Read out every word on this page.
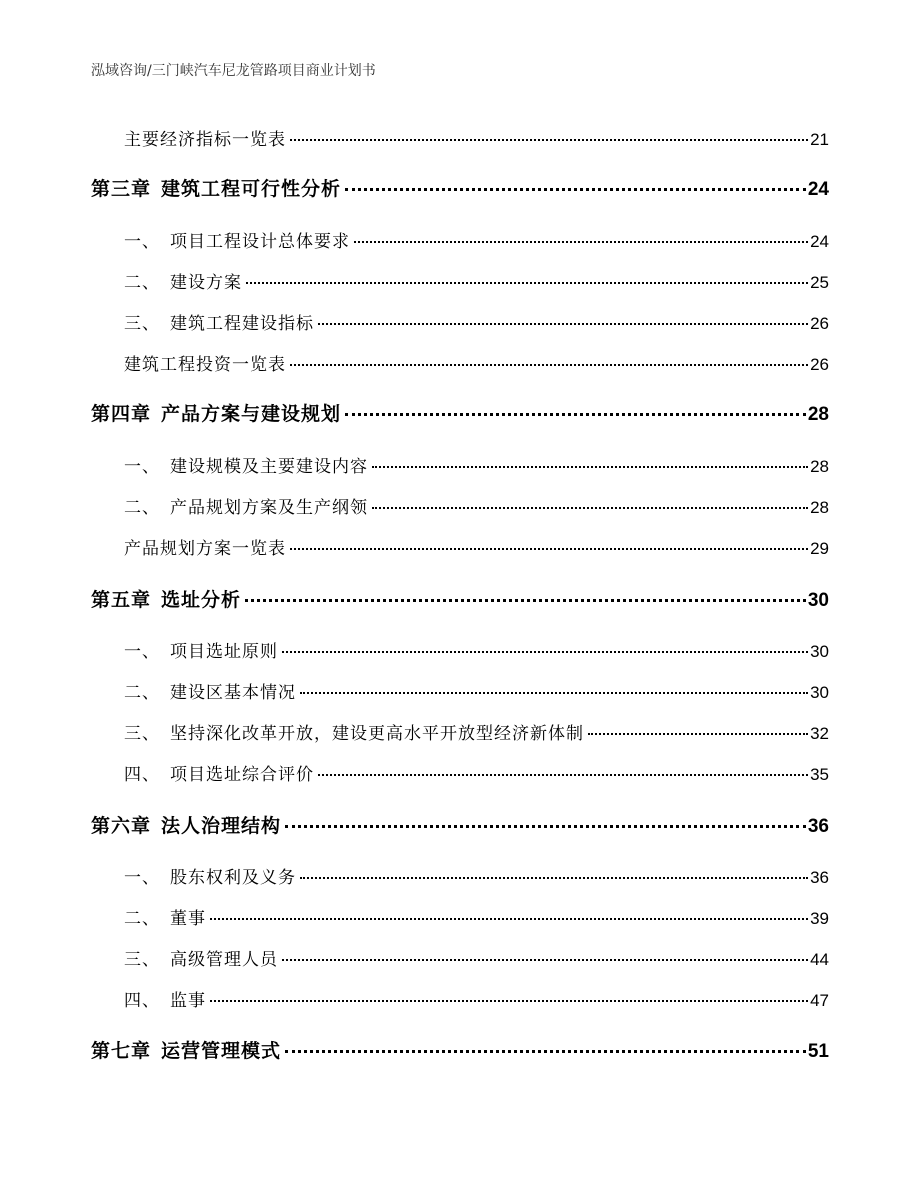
泓域咨询/三门峡汽车尼龙管路项目商业计划书
主要经济指标一览表	21
第三章 建筑工程可行性分析	24
一、 项目工程设计总体要求	24
二、 建设方案	25
三、 建筑工程建设指标	26
建筑工程投资一览表	26
第四章 产品方案与建设规划	28
一、 建设规模及主要建设内容	28
二、 产品规划方案及生产纲领	28
产品规划方案一览表	29
第五章 选址分析	30
一、 项目选址原则	30
二、 建设区基本情况	30
三、 坚持深化改革开放，建设更高水平开放型经济新体制	32
四、 项目选址综合评价	35
第六章 法人治理结构	36
一、 股东权利及义务	36
二、 董事	39
三、 高级管理人员	44
四、 监事	47
第七章 运营管理模式	51
